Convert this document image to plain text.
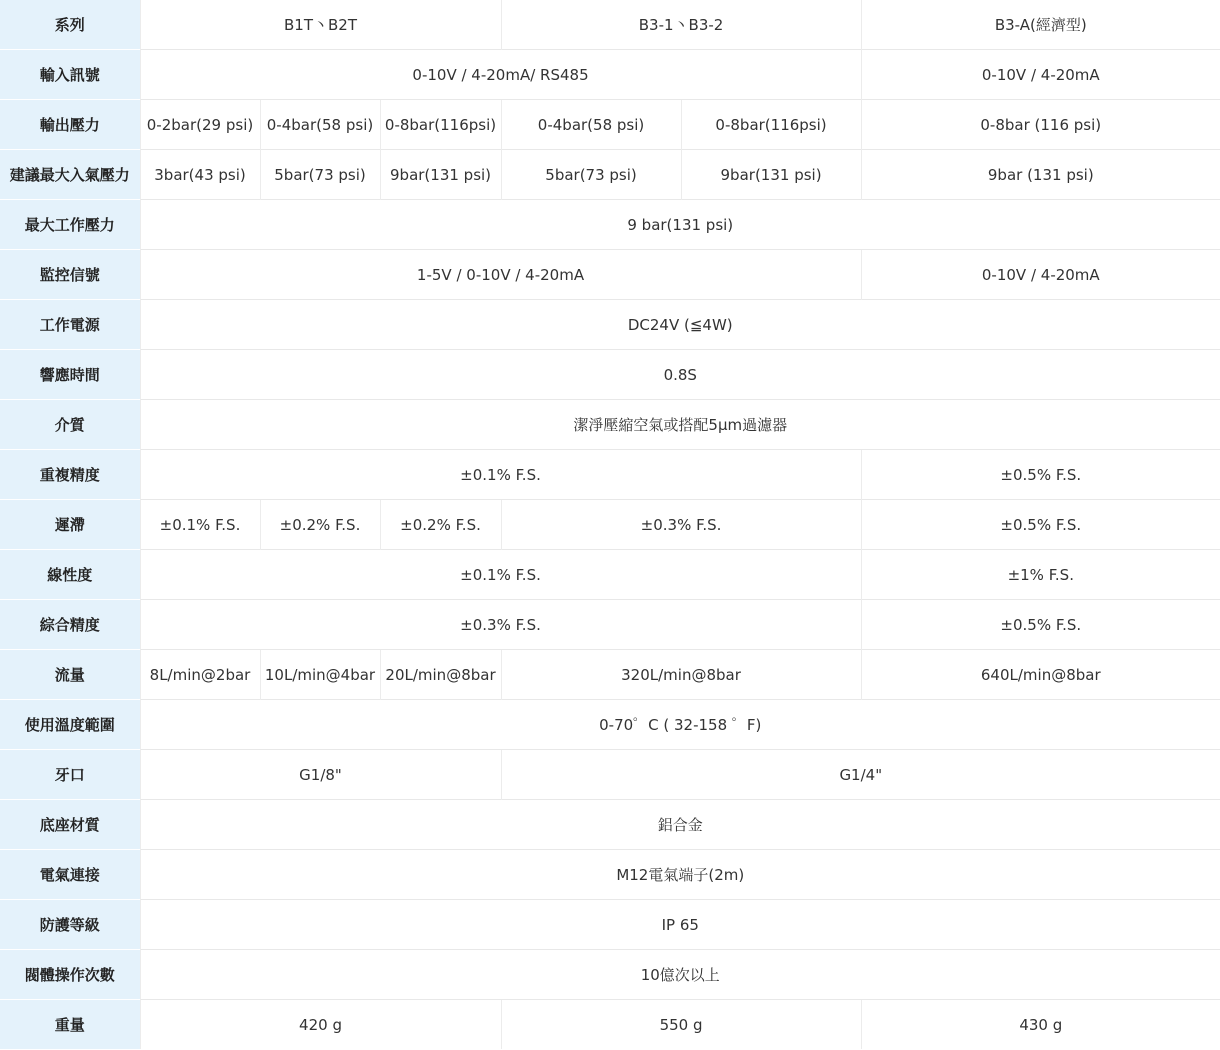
系列	B1T丶B2T			B3-1丶B3-2		B3-A(經濟型)
輸入訊號	0-10V / 4-20mA/ RS485					0-10V / 4-20mA
輸出壓力	0-2bar(29 psi)	0-4bar(58 psi)	0-8bar(116psi)	0-4bar(58 psi)	0-8bar(116psi)	0-8bar (116 psi)
建議最大入氣壓力	3bar(43 psi)	5bar(73 psi)	9bar(131 psi)	5bar(73 psi)	9bar(131 psi)	9bar (131 psi)
最大工作壓力	9 bar(131 psi)					
監控信號	1-5V / 0-10V / 4-20mA					0-10V / 4-20mA
工作電源	DC24V (≦4W)					
響應時間	0.8S					
介質	潔淨壓縮空氣或搭配5μm過濾器					
重複精度	±0.1% F.S.					±0.5% F.S.
遲滯	±0.1% F.S.	±0.2% F.S.	±0.2% F.S.	±0.3% F.S.		±0.5% F.S.
線性度	±0.1% F.S.					±1% F.S.
綜合精度	±0.3% F.S.					±0.5% F.S.
流量	8L/min@2bar	10L/min@4bar	20L/min@8bar	320L/min@8bar		640L/min@8bar
使用溫度範圍	0-70゜C ( 32-158 ゜F)					
牙口	G1/8"			G1/4"		
底座材質	鋁合金					
電氣連接	M12電氣端子(2m)					
防護等級	IP 65					
閥體操作次數	10億次以上					
重量	420 g			550 g		430 g
